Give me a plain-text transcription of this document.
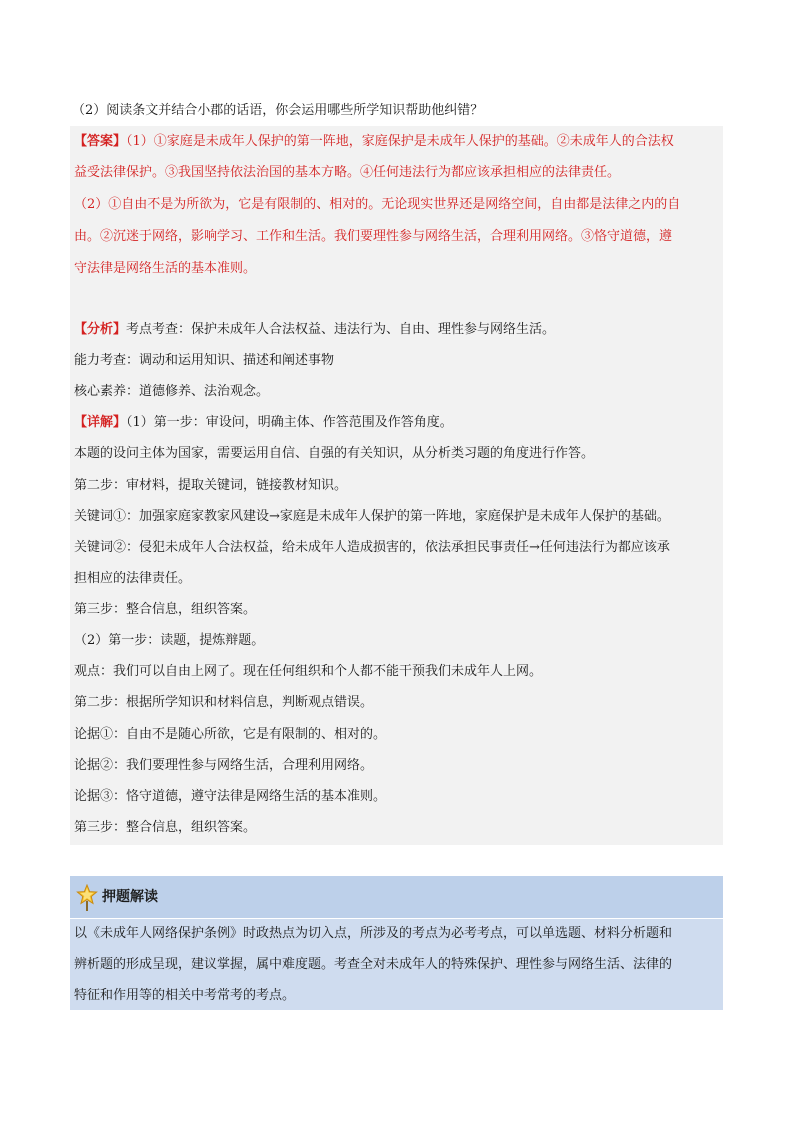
（2）阅读条文并结合小郡的话语，你会运用哪些所学知识帮助他纠错？

【答案】（1）①家庭是未成年人保护的第一阵地，家庭保护是未成年人保护的基础。②未成年人的合法权
益受法律保护。③我国坚持依法治国的基本方略。④任何违法行为都应该承担相应的法律责任。
（2）①自由不是为所欲为，它是有限制的、相对的。无论现实世界还是网络空间，自由都是法律之内的自
由。②沉迷于网络，影响学习、工作和生活。我们要理性参与网络生活，合理利用网络。③恪守道德，遵
守法律是网络生活的基本准则。
【分析】考点考查：保护未成年人合法权益、违法行为、自由、理性参与网络生活。
能力考查：调动和运用知识、描述和阐述事物
核心素养：道德修养、法治观念。
【详解】（1）第一步：审设问，明确主体、作答范围及作答角度。
本题的设问主体为国家，需要运用自信、自强的有关知识，从分析类习题的角度进行作答。
第二步：审材料，提取关键词，链接教材知识。
关键词①：加强家庭家教家风建设→家庭是未成年人保护的第一阵地，家庭保护是未成年人保护的基础。
关键词②：侵犯未成年人合法权益，给未成年人造成损害的，依法承担民事责任→任何违法行为都应该承
担相应的法律责任。
第三步：整合信息，组织答案。
（2）第一步：读题，提炼辩题。
观点：我们可以自由上网了。现在任何组织和个人都不能干预我们未成年人上网。
第二步：根据所学知识和材料信息，判断观点错误。
论据①：自由不是随心所欲，它是有限制的、相对的。
论据②：我们要理性参与网络生活，合理利用网络。
论据③：恪守道德，遵守法律是网络生活的基本准则。
第三步：整合信息，组织答案。
押题解读
以《未成年人网络保护条例》时政热点为切入点，所涉及的考点为必考考点，可以单选题、材料分析题和
辨析题的形成呈现，建议掌握，属中难度题。考查全对未成年人的特殊保护、理性参与网络生活、法律的
特征和作用等的相关中考常考的考点。
